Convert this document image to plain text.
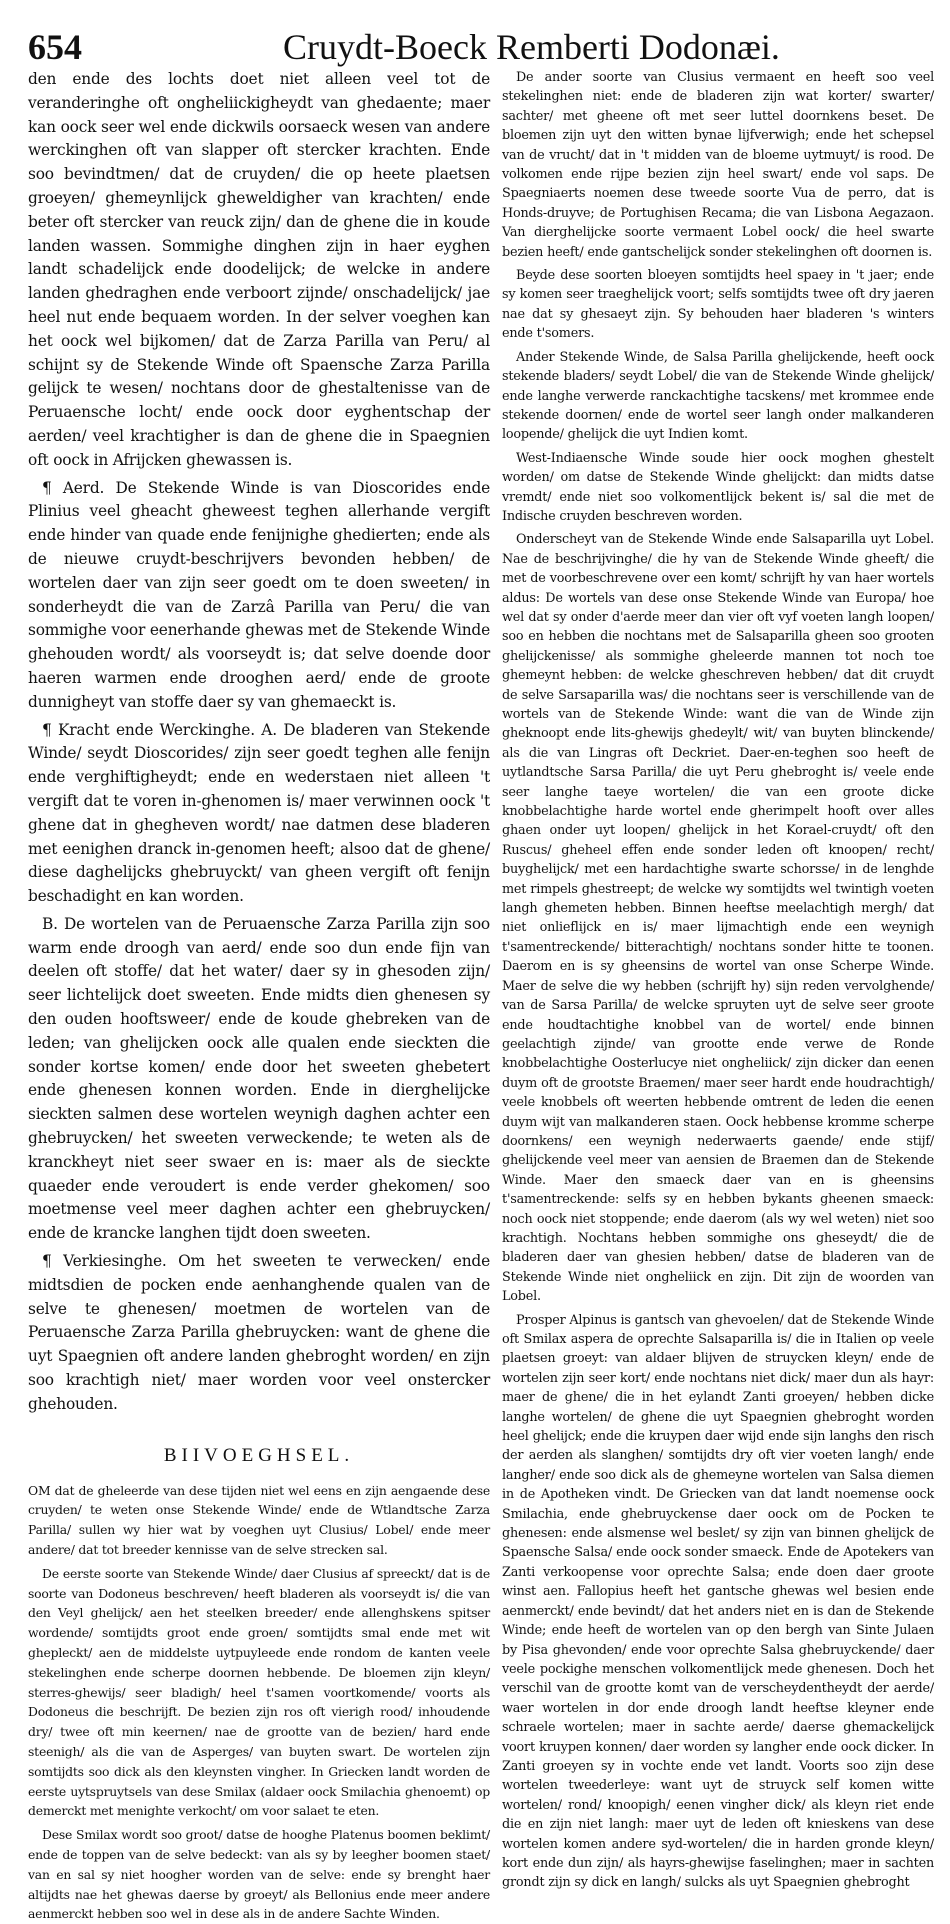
654	Cruydt-Boeck Remberti Dodonæi.

den ende des lochts doet niet alleen veel tot de veranderinghe oft ongheliickigheydt van ghedaente; maer kan oock seer wel ende dickwils oorsaeck wesen van andere werckinghen oft van slapper oft stercker krachten. Ende soo bevindtmen/ dat de cruyden/ die op heete plaetsen groeyen/ ghemeynlijck gheweldigher van krachten/ ende beter oft stercker van reuck zijn/ dan de ghene die in koude landen wassen. Sommighe dinghen zijn in haer eyghen landt schadelijck ende doodelijck; de welcke in andere landen ghedraghen ende verboort zijnde/ onschadelijck/ jae heel nut ende bequaem worden. In der selver voeghen kan het oock wel bijkomen/ dat de Zarza Parilla van Peru/ al schijnt sy de Stekende Winde oft Spaensche Zarza Parilla gelijck te wesen/ nochtans door de ghestaltenisse van de Peruaensche locht/ ende oock door eyghentschap der aerden/ veel krachtigher is dan de ghene die in Spaegnien oft oock in Afrijcken ghewassen is.

¶ Aerd. De Stekende Winde is van Dioscorides ende Plinius veel gheacht gheweest teghen allerhande vergift ende hinder van quade ende fenijnighe ghedierten; ende als de nieuwe cruydt-beschrijvers bevonden hebben/ de wortelen daer van zijn seer goedt om te doen sweeten/ in sonderheydt die van de Zarzâ Parilla van Peru/ die van sommighe voor eenerhande ghewas met de Stekende Winde ghehouden wordt/ als voorseydt is; dat selve doende door haeren warmen ende drooghen aerd/ ende de groote dunnigheyt van stoffe daer sy van ghemaeckt is.

¶ Kracht ende Werckinghe. A. De bladeren van Stekende Winde/ seydt Dioscorides/ zijn seer goedt teghen alle fenijn ende verghiftigheydt; ende en wederstaen niet alleen 't vergift dat te voren in-ghenomen is/ maer verwinnen oock 't ghene dat in ghegheven wordt/ nae datmen dese bladeren met eenighen dranck in-genomen heeft; alsoo dat de ghene/ diese daghelijcks ghebruyckt/ van gheen vergift oft fenijn beschadight en kan worden.

B. De wortelen van de Peruaensche Zarza Parilla zijn soo warm ende droogh van aerd/ ende soo dun ende fijn van deelen oft stoffe/ dat het water/ daer sy in ghesoden zijn/ seer lichtelijck doet sweeten. Ende midts dien ghenesen sy den ouden hooftsweer/ ende de koude ghebreken van de leden; van ghelijcken oock alle qualen ende sieckten die sonder kortse komen/ ende door het sweeten ghebetert ende ghenesen konnen worden. Ende in dierghelijcke sieckten salmen dese wortelen weynigh daghen achter een ghebruycken/ het sweeten verweckende; te weten als de kranckheyt niet seer swaer en is: maer als de sieckte quaeder ende veroudert is ende verder ghekomen/ soo moetmense veel meer daghen achter een ghebruycken/ ende de krancke langhen tijdt doen sweeten.

¶ Verkiesinghe. Om het sweeten te verwecken/ ende midtsdien de pocken ende aenhanghende qualen van de selve te ghenesen/ moetmen de wortelen van de Peruaensche Zarza Parilla ghebruycken: want de ghene die uyt Spaegnien oft andere landen ghebroght worden/ en zijn soo krachtigh niet/ maer worden voor veel onstercker ghehouden.

BIIVOEGHSEL.

OM dat de ghelеerde van dese tijden niet wel eens en zijn aengaende dese cruyden/ te weten onse Stekende Winde/ ende de Wtlandtsche Zarza Parilla/ sullen wy hier wat by voeghen uyt Clusius/ Lobel/ ende meer andere/ dat tot breeder kennisse van de selve strecken sal.

De eerste soorte van Stekende Winde/ daer Clusius af spreeckt/ dat is de soorte van Dodoneus beschreven/ heeft bladeren als voorseydt is/ die van den Veyl ghelijck/ aen het steelken breeder/ ende allenghskens spitser wordende/ somtijdts groot ende groen/ somtijdts smal ende met wit ghepleckt/ aen de middelste uytpuyleede ende rondom de kanten veele stekelinghen ende scherpe doornen hebbende. De bloemen zijn kleyn/ sterres-ghewijs/ seer bladigh/ heel t'samen voortkomende/ voorts als Dodoneus die beschrijft. De bezien zijn ros oft vierigh rood/ inhoudende dry/ twee oft min keernen/ nae de grootte van de bezien/ hard ende steenigh/ als die van de Asperges/ van buyten swart. De wortelen zijn somtijdts soo dick als den kleynsten vingher. In Griecken landt worden de eerste uytspruytsels van dese Smilax (aldaer oock Smilachia ghenoemt) op demerckt met menighte verkocht/ om voor salaet te eten.

Dese Smilax wordt soo groot/ datse de hooghe Platenus boomen beklimt/ ende de toppen van de selve bedeckt: van als sy by leegher boomen staet/ van en sal sy niet hoogher worden van de selve: ende sy brenght haer altijdts nae het ghewas daerse by groeyt/ als Bellonius ende meer andere aenmerckt hebben soo wel in dese als in de andere Sachte Winden.

De ander soorte van Clusius vermaent en heeft soo veel stekelinghen niet: ende de bladeren zijn wat korter/ swarter/ sachter/ met ghеene oft met seer luttel doornkens beset. De bloemen zijn uyt den witten bynae lijfverwigh; ende het schepsel van de vrucht/ dat in 't midden van de bloeme uytmuyt/ is rood. De volkomen ende rijpe bezien zijn heel swart/ ende vol saps. De Spaegniaerts noemen dese tweede soorte Vua de perro, dat is Honds-druyve; de Portughisen Recama; die van Lisbona Aegazaon. Van dierghelijcke soorte vermaent Lobel oock/ die heel swarte bezien heeft/ ende gantschelijck sonder stekelinghen oft doornen is.

Beyde dese soorten bloeyen somtijdts heel spaey in 't jaer; ende sy komen seer traeghelijck voort; selfs somtijdts twee oft dry jaeren nae dat sy ghesaeyt zijn. Sy behouden haer bladeren 's winters ende t'somers.

Ander Stekende Winde, de Salsa Parilla ghelijckende, heeft oock stekende bladers/ seydt Lobel/ die van de Stekende Winde ghelijck/ ende langhe verwerde ranckachtighe tacskens/ met krommee ende stekende doornen/ ende de wortel seer langh onder malkanderen loopende/ ghelijck die uyt Indien komt.

West-Indiaensche Winde soude hier oock moghen ghestelt worden/ om datse de Stekende Winde ghelijckt: dan midts datse vremdt/ ende niet soo volkomentlijck bekent is/ sal die met de Indische cruyden beschreven worden.

Onderscheyt van de Stekende Winde ende Salsaparilla uyt Lobel. Nae de beschrijvinghe/ die hy van de Stekende Winde gheeft/ die met de voorbeschrevene over een komt/ schrijft hy van haer wortels aldus: De wortels van dese onse Stekende Winde van Europa/ hoe wel dat sy onder d'aerde meer dan vier oft vyf voeten langh loopen/ soo en hebben die nochtans met de Salsaparilla gheen soo grooten ghelijckenisse/ als sommighe gheleerde mannen tot noch toe ghemeynt hebben: de welcke ghеschreven hebben/ dat dit cruydt de selve Sarsaparilla was/ die nochtans seer is verschillende van de wortels van de Stekende Winde: want die van de Winde zijn gheknoopt ende lits-ghewijs ghedeylt/ wit/ van buyten blinckende/ als die van Lingras oft Deckriet. Daer-en-teghen soo heeft de uytlandtsche Sarsa Parilla/ die uyt Peru ghebroght is/ veele ende seer langhe taeye wortelen/ die van een groote dicke knobbelachtighe harde wortel ende gherimpelt hooft over alles ghaen onder uyt loopen/ ghelijck in het Korael-cruydt/ oft den Ruscus/ gheheel effen ende sonder leden oft knoopen/ recht/ buyghelijck/ met een hardachtighe swarte schorsse/ in de lenghde met rimpels ghestreept; de welcke wy somtijdts wel twintigh voeten langh ghemeten hebben. Binnen heeftse meelachtigh mergh/ dat niet onlieflijck en is/ maer lijmachtigh ende een weynigh t'samentreckende/ bitterachtigh/ nochtans sonder hitte te toonen. Daerom en is sy gheensins de wortel van onse Scherpe Winde. Maer de selve die wy hebben (schrijft hy) sijn reden vervolghende/ van de Sarsa Parilla/ de welcke spruyten uyt de selve seer groote ende houdtachtighe knobbel van de wortel/ ende binnen geelachtigh zijnde/ van grootte ende verwe de Ronde knobbelachtighe Oosterlucye niet ongheliick/ zijn dicker dan eenen duym oft de grootste Braemen/ maer seer hardt ende houdrachtigh/ veele knobbels oft weerten hebbende omtrent de leden die eenen duym wijt van malkanderen staen. Oock hebbense kromme scherpe doornkens/ een weynigh nederwaerts gaende/ ende stijf/ ghelijckende veel meer van aensien de Braemen dan de Stekende Winde. Maer den smaeck daer van en is gheensins t'samentreckende: selfs sy en hebben bykants gheenen smaeck: noch oock niet stoppende; ende daerom (als wy wel weten) niet soo krachtigh. Nochtans hebben sommighe ons ghеseydt/ die de bladeren daer van ghesien hebben/ datse de bladeren van de Stekende Winde niet ongheliick en zijn. Dit zijn de woorden van Lobel.

Prosper Alpinus is gantsch van ghevoelen/ dat de Stekende Winde oft Smilax aspera de oprechte Salsaparilla is/ die in Italien op veele plaetsen groeyt: van aldaer blijven de struycken kleyn/ ende de wortelen zijn seer kort/ ende nochtans niet dick/ maer dun als hayr: maer de ghene/ die in het eylandt Zanti groeyen/ hebben dicke langhe wortelen/ de ghene die uyt Spaegnien ghebroght worden heel ghelijck; ende die kruypen daer wijd ende sijn langhs den risch der aerden als slanghen/ somtijdts dry oft vier voeten langh/ ende langher/ ende soo dick als de ghemeyne wortelen van Salsa diemen in de Apotheken vindt. De Griecken van dat landt noemense oock Smilachia, ende ghebruyckense daer oock om de Pocken te ghenesen: ende alsmense wel beslet/ sy zijn van binnen ghelijck de Spaensche Salsa/ ende oock sonder smaeck. Ende de Apotekers van Zanti verkoopense voor oprechte Salsa; ende doen daer groote winst aen. Fallopius heeft het gantsche ghewas wel besien ende aenmerckt/ ende bevindt/ dat het anders niet en is dan de Stekende Winde; ende heeft de wortelen van op den bergh van Sinte Julaen by Pisa ghevonden/ ende voor oprechte Salsa ghebruyckende/ daer veele pockighe menschen volkomentlijck mede ghenesen. Doch het verschil van de grootte komt van de verscheydentheydt der aerde/ waer wortelen in dor ende droogh landt heeftse kleyner ende schraele wortelen; maer in sachte aerde/ daerse ghemackelijck voort kruypen konnen/ daer worden sy langher ende oock dicker. In Zanti groeyen sy in vochte ende vet landt. Voorts soo zijn dese wortelen tweederleye: want uyt de struyck self komen witte wortelen/ rond/ knoopigh/ eenen vingher dick/ als kleyn riet ende die en zijn niet langh: maer uyt de leden oft knieskens van dese wortelen komen andere syd-wortelen/ die in harden gronde kleyn/ kort ende dun zijn/ als hayrs-ghewijse faselinghen; maer in sachten grondt zijn sy dick en langh/ sulcks als uyt Spaegnien ghebroght
